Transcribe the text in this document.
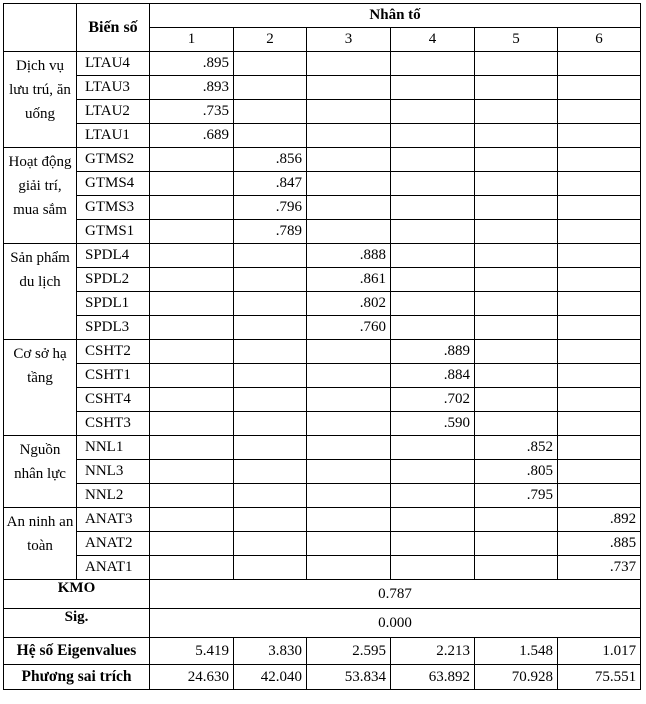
	Biến số	Nhân tố					
		1	2	3	4	5	6
Dịch vụ lưu trú, ăn uống	LTAU4	.895					
	LTAU3	.893					
	LTAU2	.735					
	LTAU1	.689					
Hoạt động giải trí, mua sắm	GTMS2		.856				
	GTMS4		.847				
	GTMS3		.796				
	GTMS1		.789				
Sản phẩm du lịch	SPDL4			.888			
	SPDL2			.861			
	SPDL1			.802			
	SPDL3			.760			
Cơ sở hạ tầng	CSHT2				.889		
	CSHT1				.884		
	CSHT4				.702		
	CSHT3				.590		
Nguồn nhân lực	NNL1					.852	
	NNL3					.805	
	NNL2					.795	
An ninh an toàn	ANAT3						.892
	ANAT2						.885
	ANAT1						.737
KMO		0.787					
Sig.		0.000					
Hệ số Eigenvalues		5.419	3.830	2.595	2.213	1.548	1.017
Phương sai trích		24.630	42.040	53.834	63.892	70.928	75.551
